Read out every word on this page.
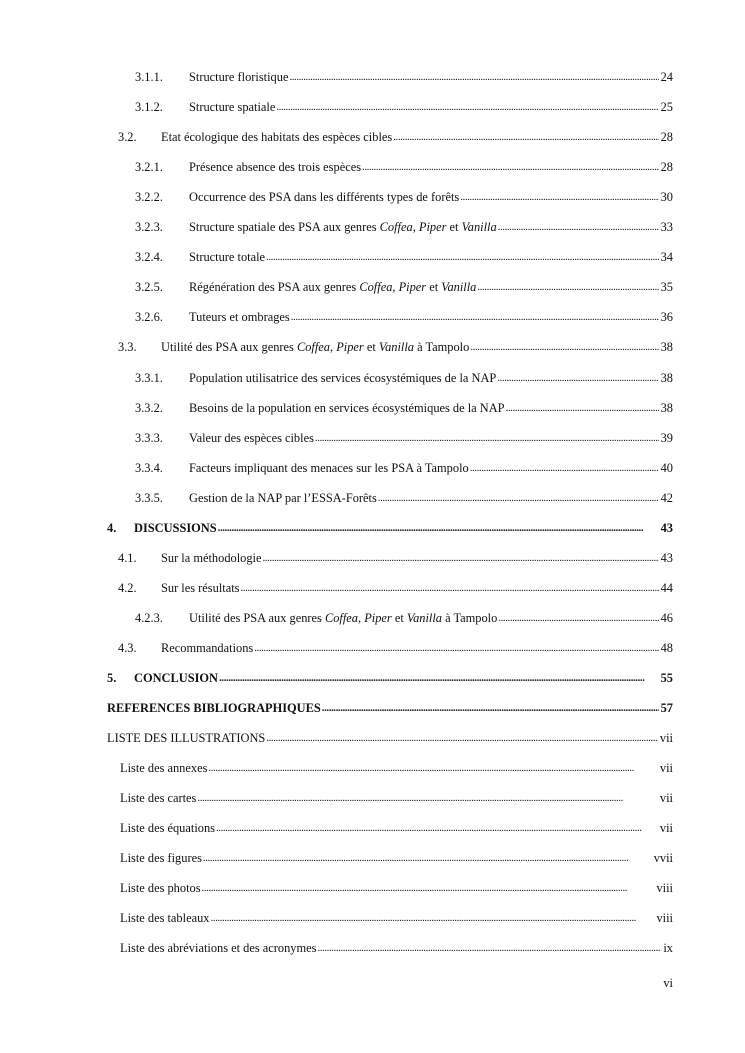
3.1.1.	Structure floristique . . .	24
3.1.2.	Structure spatiale . . .	25
3.2.	Etat écologique des habitats des espèces cibles . . .	28
3.2.1.	Présence absence des trois espèces . . .	28
3.2.2.	Occurrence des PSA dans les différents types de forêts . . .	30
3.2.3.	Structure spatiale des PSA aux genres Coffea, Piper et Vanilla . . .	33
3.2.4.	Structure totale . . .	34
3.2.5.	Régénération des PSA aux genres Coffea, Piper et Vanilla . . .	35
3.2.6.	Tuteurs et ombrages . . .	36
3.3.	Utilité des PSA aux genres Coffea, Piper et Vanilla à Tampolo . . .	38
3.3.1.	Population utilisatrice des services écosystémiques de la NAP . . .	38
3.3.2.	Besoins de la population en services écosystémiques de la NAP . . .	38
3.3.3.	Valeur des espèces cibles . . .	39
3.3.4.	Facteurs impliquant des menaces sur les PSA à Tampolo . . .	40
3.3.5.	Gestion de la NAP par l’ESSA-Forêts . . .	42
4.	DISCUSSIONS . . .	43
4.1.	Sur la méthodologie . . .	43
4.2.	Sur les résultats . . .	44
4.2.3.	Utilité des PSA aux genres Coffea, Piper et Vanilla à Tampolo . . .	46
4.3.	Recommandations . . .	48
5.	CONCLUSION . . .	55
REFERENCES BIBLIOGRAPHIQUES . . .	57
LISTE DES ILLUSTRATIONS . . .	vii
Liste des annexes . . .	vii
Liste des cartes . . .	vii
Liste des équations . . .	vii
Liste des figures . . .	vvii
Liste des photos . . .	viii
Liste des tableaux . . .	viii
Liste des abréviations et des acronymes . . .	ix
vi
